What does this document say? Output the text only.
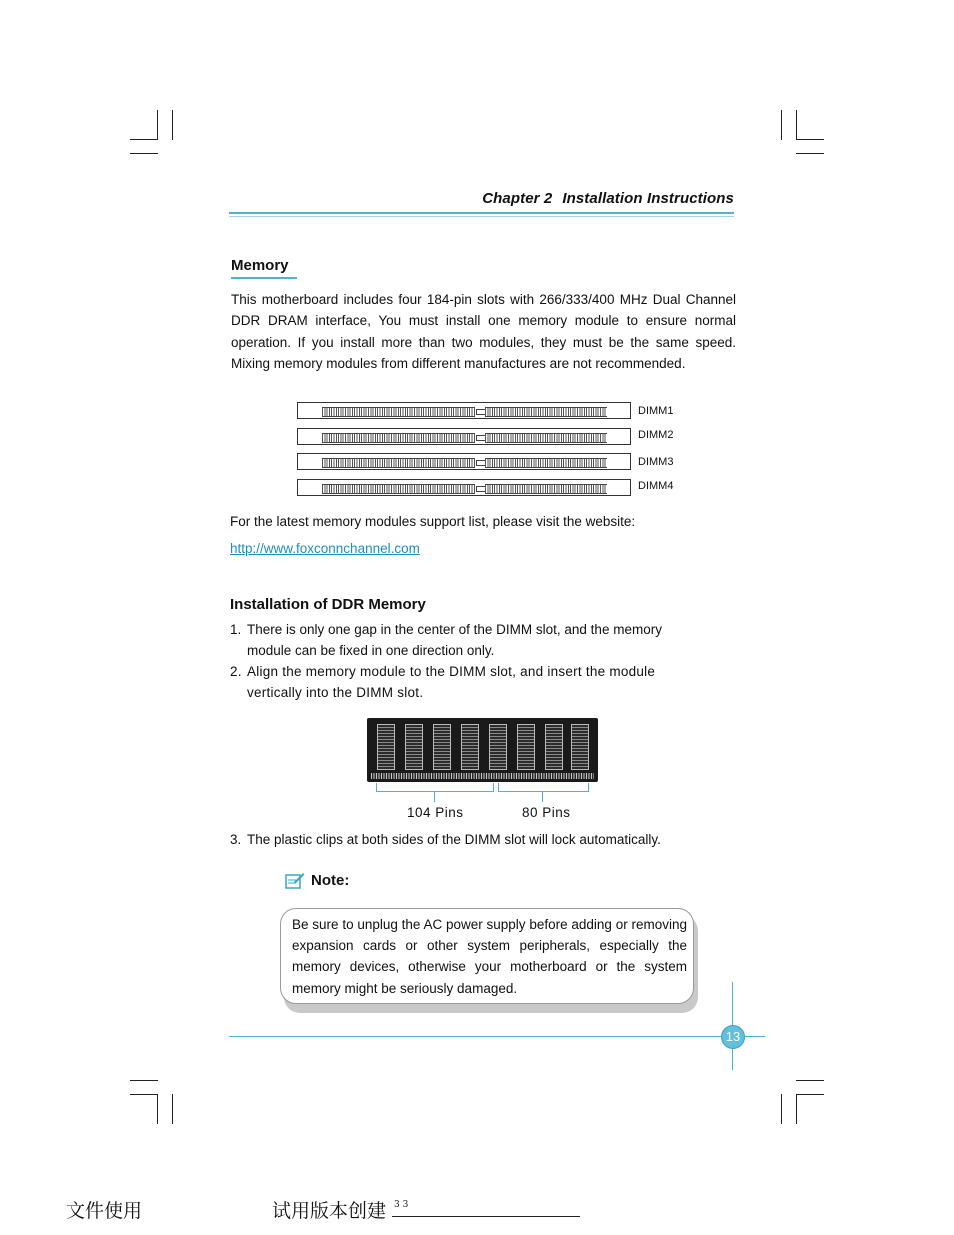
Chapter 2 Installation Instructions
Memory
This motherboard includes four 184-pin slots with 266/333/400 MHz Dual Channel DDR DRAM interface, You must install one memory module to ensure normal operation. If you install more than two modules, they must be the same speed. Mixing memory modules from different manufactures are not recommended.
DIMM1
DIMM2
DIMM3
DIMM4
For the latest memory modules support list, please visit the website:
http://www.foxconnchannel.com
Installation of DDR Memory
1. There is only one gap in the center of the DIMM slot, and the memory module can be fixed in one direction only.
2. Align the memory module to the DIMM slot, and insert the module vertically into the DIMM slot.
104 Pins	80 Pins
3. The plastic clips at both sides of the DIMM slot will lock automatically.
Note:
Be sure to unplug the AC power supply before adding or removing expansion cards or other system peripherals, especially the memory devices, otherwise your motherboard or the system memory might be seriously damaged.
13
文件使用	试用版本创建 3 3
